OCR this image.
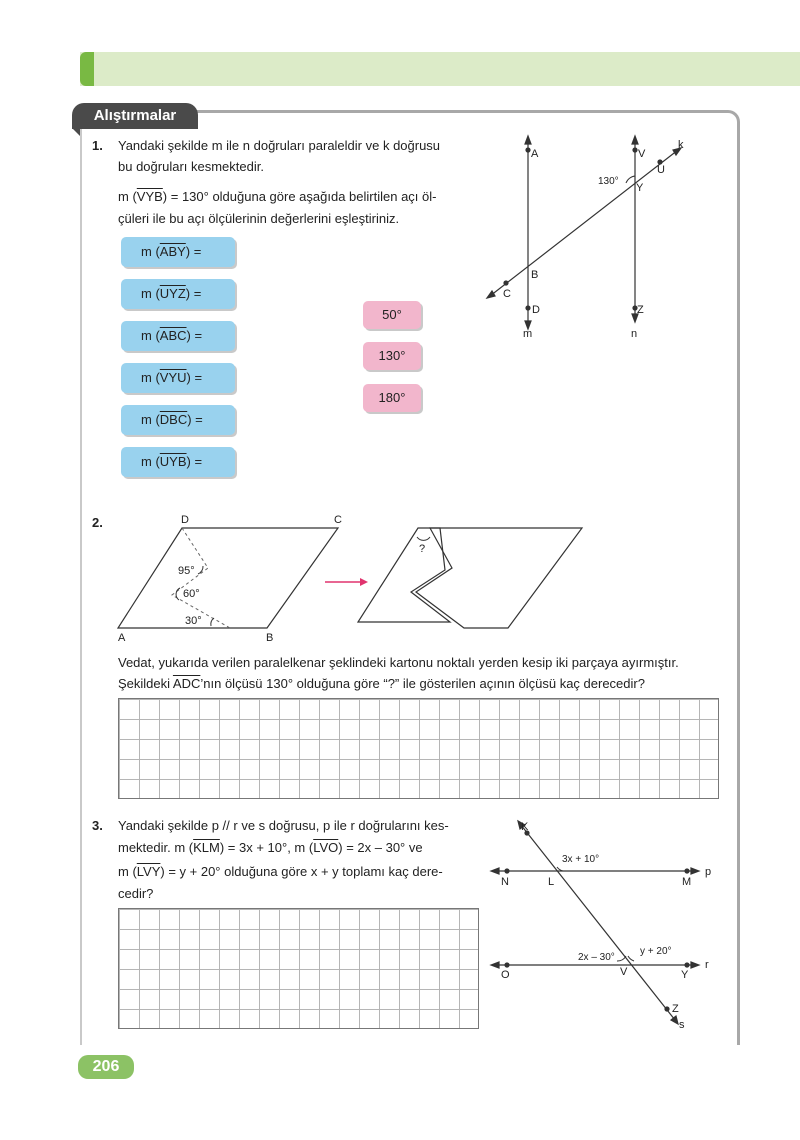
Alıştırmalar
1. Yandaki şekilde m ile n doğruları paraleldir ve k doğrusu
bu doğruları kesmektedir.
m $(\overline{VYB}) = 130^\circ$ olduğuna göre aşağıda belirtilen açı öl-
çüleri ile bu açı ölçülerinin değerlerini eşleştiriniz.
m $(\overline{ABY})$ =
m $(\overline{UYZ})$ =
m $(\overline{ABC})$ =
m $(\overline{VYU})$ =
m $(\overline{DBC})$ =
m $(\overline{UYB})$ =
50°
130°
180°
A
B
C
D
m
V
Y
U
Z
n
k
130°
2.	D	C
A	B
95°
60°
30°
?
Vedat, yukarıda verilen paralelkenar şeklindeki kartonu noktalı yerden kesip iki parçaya ayırmıştır.
Şekildeki $\overline{ADC}’nın$ ölçüsü 130° olduğuna göre “?” ile gösterilen açının ölçüsü kaç derecedir?
3. Yandaki şekilde p // r ve s doğrusu, p ile r doğrularını kes-
mektedir. m $(\overline{KLM}) = 3x + 10^\circ$, m $(\overline{LVO}) = 2x - 30^\circ$ ve
m $(\overline{LVY}) = y + 20^\circ$ olduğuna göre x + y toplamı kaç dere-
cedir?
K
N	L	M
p
O	V	Y
r
Z
s
3x + 10°
2x – 30°
y + 20°
206
